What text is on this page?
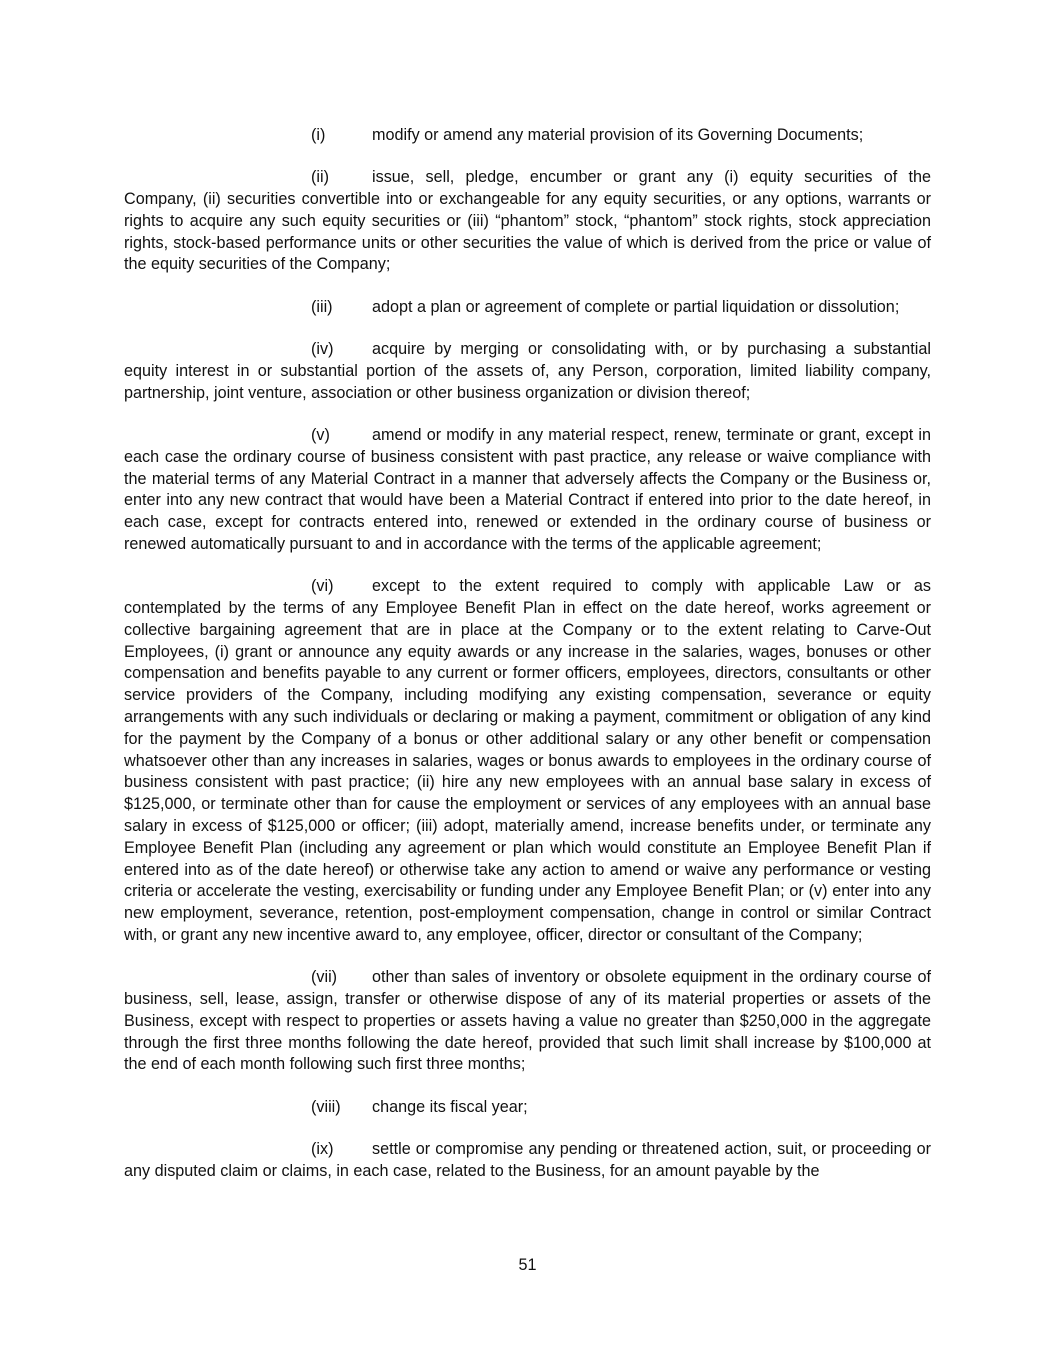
(i)	modify or amend any material provision of its Governing Documents;

(ii)	issue, sell, pledge, encumber or grant any (i) equity securities of the Company, (ii) securities convertible into or exchangeable for any equity securities, or any options, warrants or rights to acquire any such equity securities or (iii) “phantom” stock, “phantom” stock rights, stock appreciation rights, stock-based performance units or other securities the value of which is derived from the price or value of the equity securities of the Company;

(iii) adopt a plan or agreement of complete or partial liquidation or dissolution;

(iv) acquire by merging or consolidating with, or by purchasing a substantial equity interest in or substantial portion of the assets of, any Person, corporation, limited liability company, partnership, joint venture, association or other business organization or division thereof;

(v)	amend or modify in any material respect, renew, terminate or grant, except in each case the ordinary course of business consistent with past practice, any release or waive compliance with the material terms of any Material Contract in a manner that adversely affects the Company or the Business or, enter into any new contract that would have been a Material Contract if entered into prior to the date hereof, in each case, except for contracts entered into, renewed or extended in the ordinary course of business or renewed automatically pursuant to and in accordance with the terms of the applicable agreement;

(vi) except to the extent required to comply with applicable Law or as contemplated by the terms of any Employee Benefit Plan in effect on the date hereof, works agreement or collective bargaining agreement that are in place at the Company or to the extent relating to Carve-Out Employees, (i) grant or announce any equity awards or any increase in the salaries, wages, bonuses or other compensation and benefits payable to any current or former officers, employees, directors, consultants or other service providers of the Company, including modifying any existing compensation, severance or equity arrangements with any such individuals or declaring or making a payment, commitment or obligation of any kind for the payment by the Company of a bonus or other additional salary or any other benefit or compensation whatsoever other than any increases in salaries, wages or bonus awards to employees in the ordinary course of business consistent with past practice; (ii) hire any new employees with an annual base salary in excess of $125,000, or terminate other than for cause the employment or services of any employees with an annual base salary in excess of $125,000 or officer; (iii) adopt, materially amend, increase benefits under, or terminate any Employee Benefit Plan (including any agreement or plan which would constitute an Employee Benefit Plan if entered into as of the date hereof) or otherwise take any action to amend or waive any performance or vesting criteria or accelerate the vesting, exercisability or funding under any Employee Benefit Plan; or (v) enter into any new employment, severance, retention, post-employment compensation, change in control or similar Contract with, or grant any new incentive award to, any employee, officer, director or consultant of the Company;

(vii) other than sales of inventory or obsolete equipment in the ordinary course of business, sell, lease, assign, transfer or otherwise dispose of any of its material properties or assets of the Business, except with respect to properties or assets having a value no greater than $250,000 in the aggregate through the first three months following the date hereof, provided that such limit shall increase by $100,000 at the end of each month following such first three months;

(viii) change its fiscal year;

(ix) settle or compromise any pending or threatened action, suit, or proceeding or any disputed claim or claims, in each case, related to the Business, for an amount payable by the

51
